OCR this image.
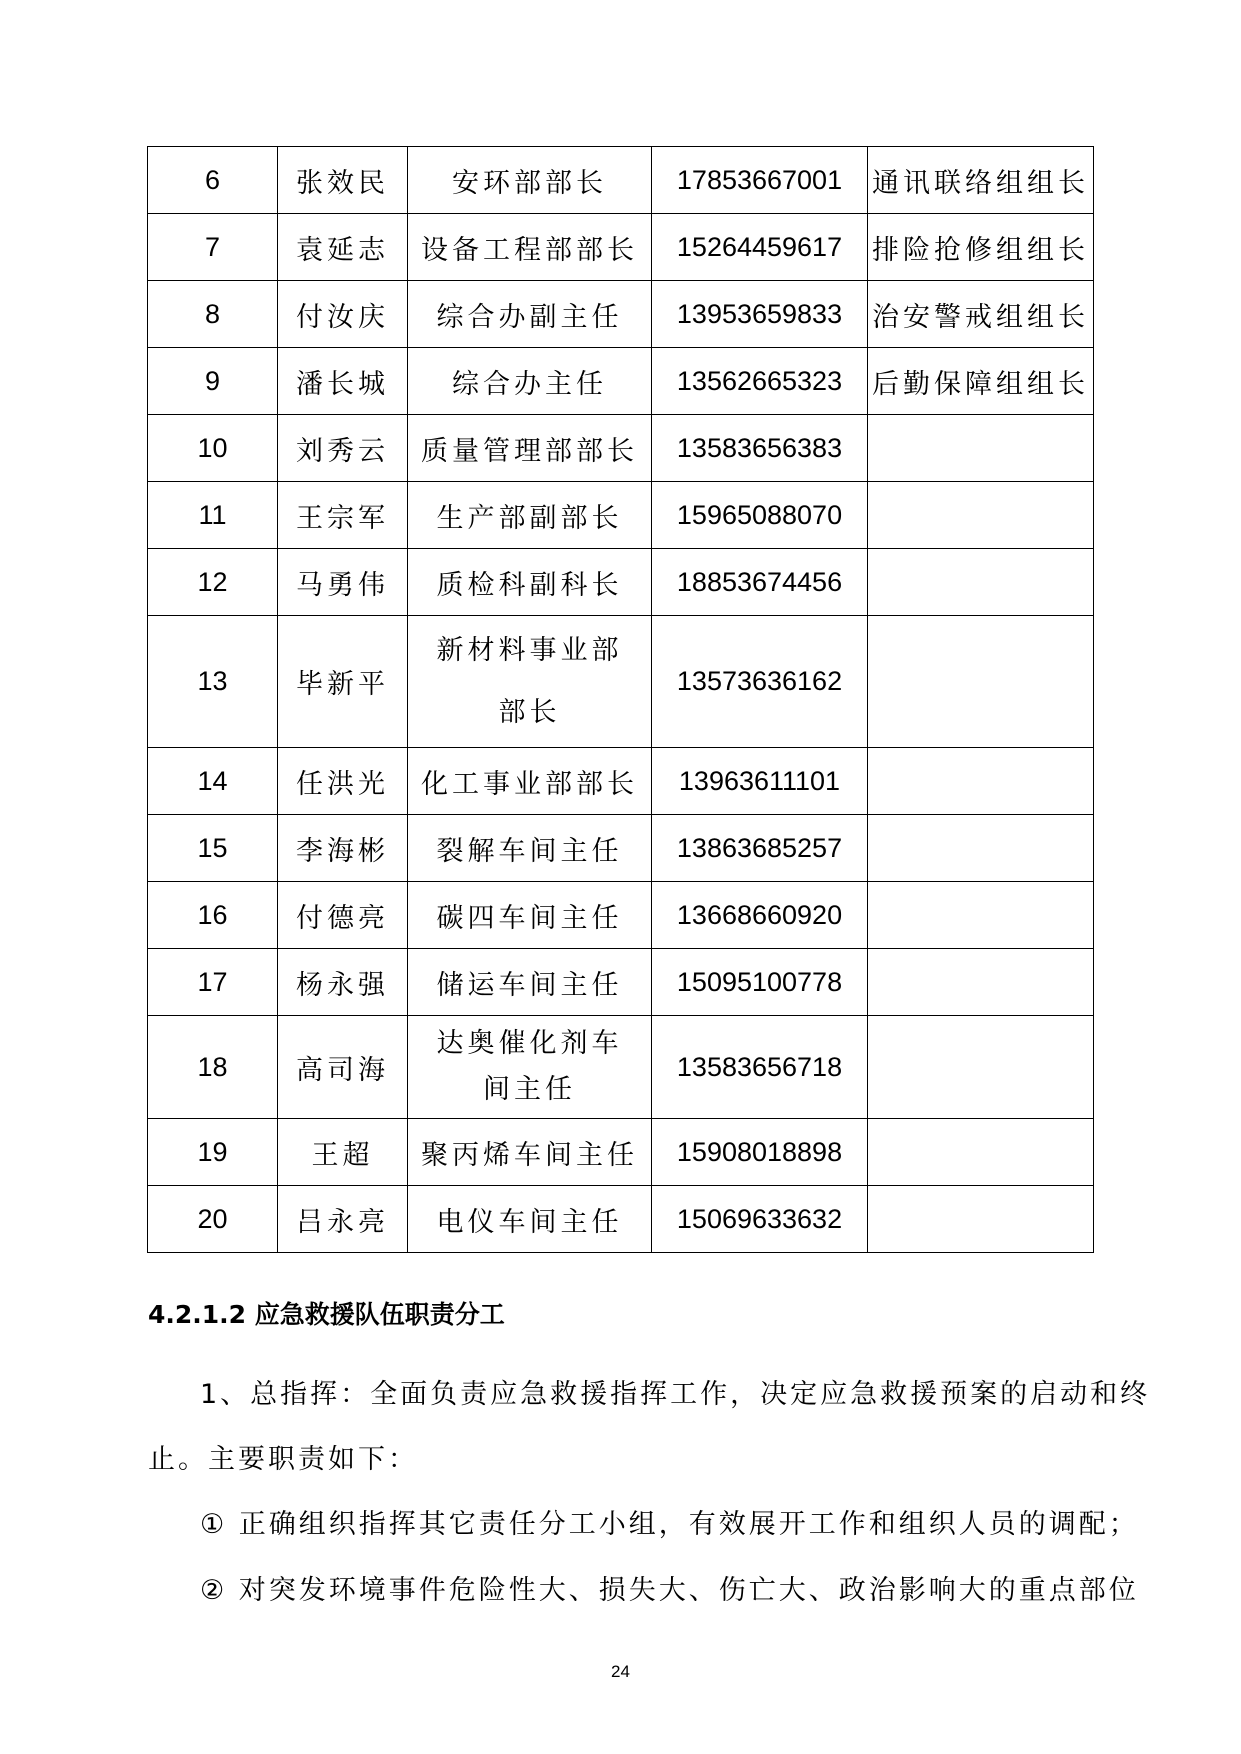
6	张效民	安环部部长	17853667001	通讯联络组组长
7	袁延志	设备工程部部长	15264459617	排险抢修组组长
8	付汝庆	综合办副主任	13953659833	治安警戒组组长
9	潘长城	综合办主任	13562665323	后勤保障组组长
10	刘秀云	质量管理部部长	13583656383	
11	王宗军	生产部副部长	15965088070	
12	马勇伟	质检科副科长	18853674456	
13	毕新平	新材料事业部部长	13573636162	
14	任洪光	化工事业部部长	13963611101	
15	李海彬	裂解车间主任	13863685257	
16	付德亮	碳四车间主任	13668660920	
17	杨永强	储运车间主任	15095100778	
18	高司海	达奥催化剂车间主任	13583656718	
19	王超	聚丙烯车间主任	15908018898	
20	吕永亮	电仪车间主任	15069633632	
4.2.1.2 应急救援队伍职责分工
1、总指挥：全面负责应急救援指挥工作，决定应急救援预案的启动和终
止。主要职责如下：
① 正确组织指挥其它责任分工小组，有效展开工作和组织人员的调配；
② 对突发环境事件危险性大、损失大、伤亡大、政治影响大的重点部位
24
